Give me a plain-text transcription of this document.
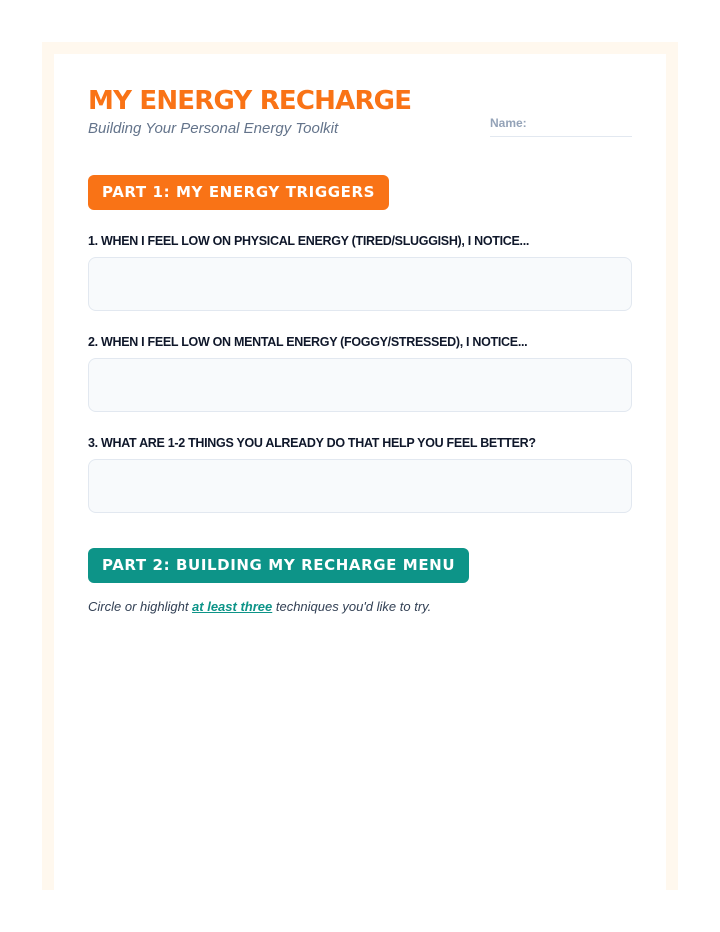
MY ENERGY RECHARGE
Building Your Personal Energy Toolkit	Name:
PART 1: MY ENERGY TRIGGERS
1. WHEN I FEEL LOW ON PHYSICAL ENERGY (TIRED/SLUGGISH), I NOTICE...
2. WHEN I FEEL LOW ON MENTAL ENERGY (FOGGY/STRESSED), I NOTICE...
3. WHAT ARE 1-2 THINGS YOU ALREADY DO THAT HELP YOU FEEL BETTER?
PART 2: BUILDING MY RECHARGE MENU
Circle or highlight at least three techniques you'd like to try.
